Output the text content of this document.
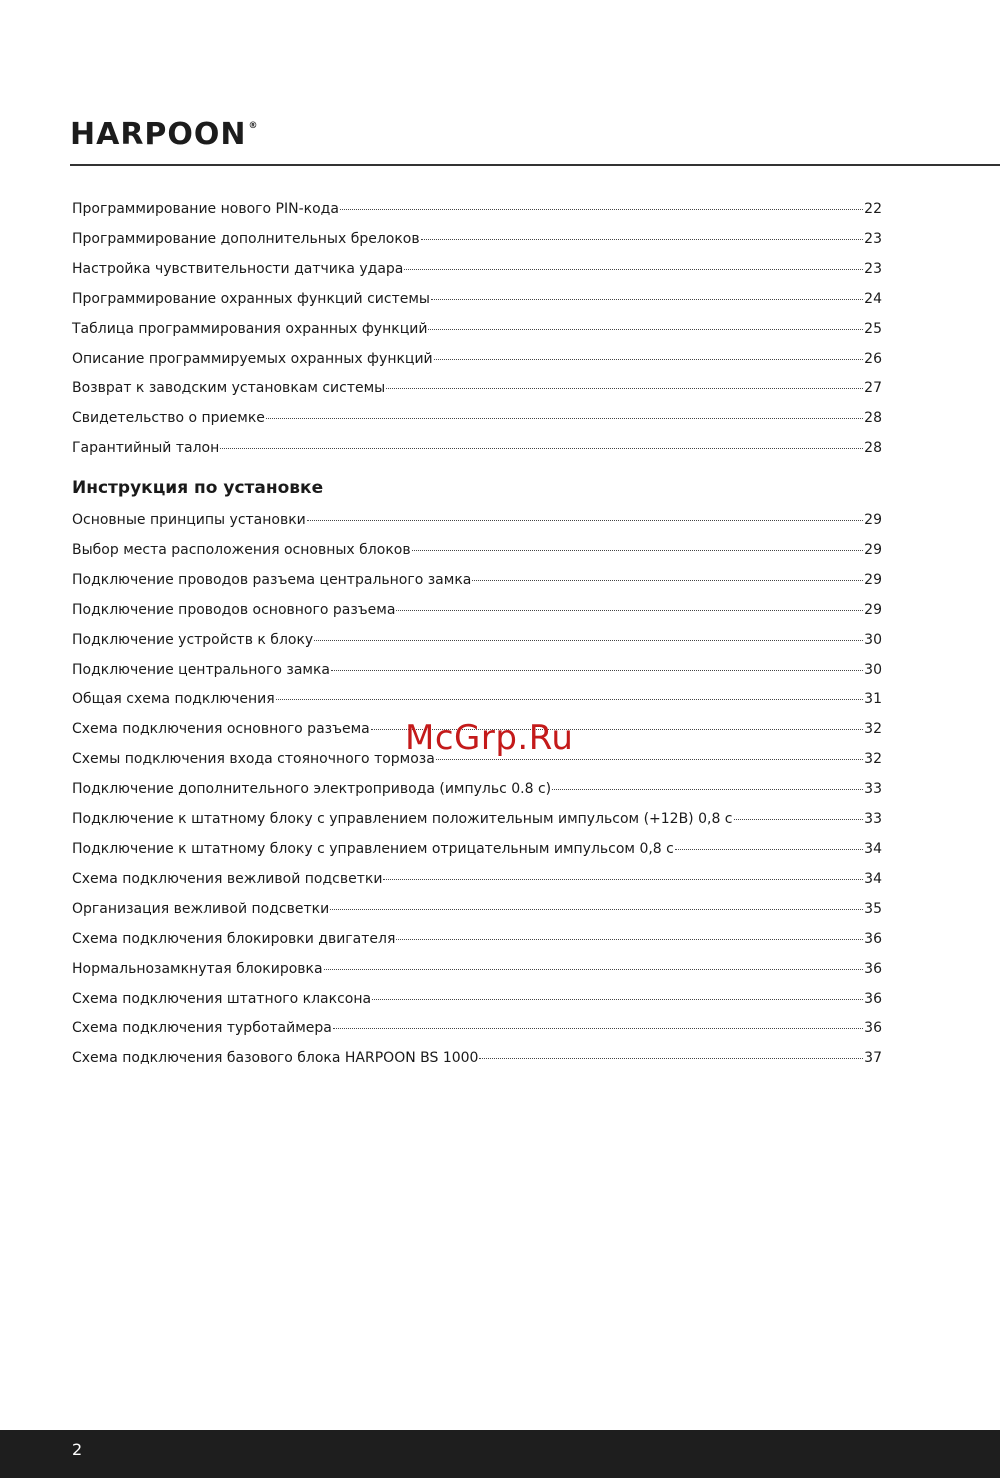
HARPOON ®
Программирование нового PIN-кода	22
Программирование дополнительных брелоков	23
Настройка чувствительности датчика удара	23
Программирование охранных функций системы	24
Таблица программирования охранных функций	25
Описание программируемых охранных функций	26
Возврат к заводским установкам системы	27
Свидетельство о приемке	28
Гарантийный талон	28
Инструкция по установке
Основные принципы установки	29
Выбор места расположения основных блоков	29
Подключение проводов разъема центрального замка	29
Подключение проводов основного разъема	29
Подключение устройств к блоку	30
Подключение центрального замка	30
Общая схема подключения	31
Схема подключения основного разъема	32
Схемы подключения входа стояночного тормоза	32
Подключение дополнительного электропривода (импульс 0.8 с)	33
Подключение к штатному блоку с управлением положительным импульсом (+12В) 0,8 с	33
Подключение к штатному блоку с управлением отрицательным импульсом 0,8 с	34
Схема подключения вежливой подсветки	34
Организация вежливой подсветки	35
Схема подключения блокировки двигателя	36
Нормальнозамкнутая блокировка	36
Схема подключения штатного клаксона	36
Схема подключения турботаймера	36
Схема подключения базового блока HARPOON BS 1000	37
McGrp.Ru
2
